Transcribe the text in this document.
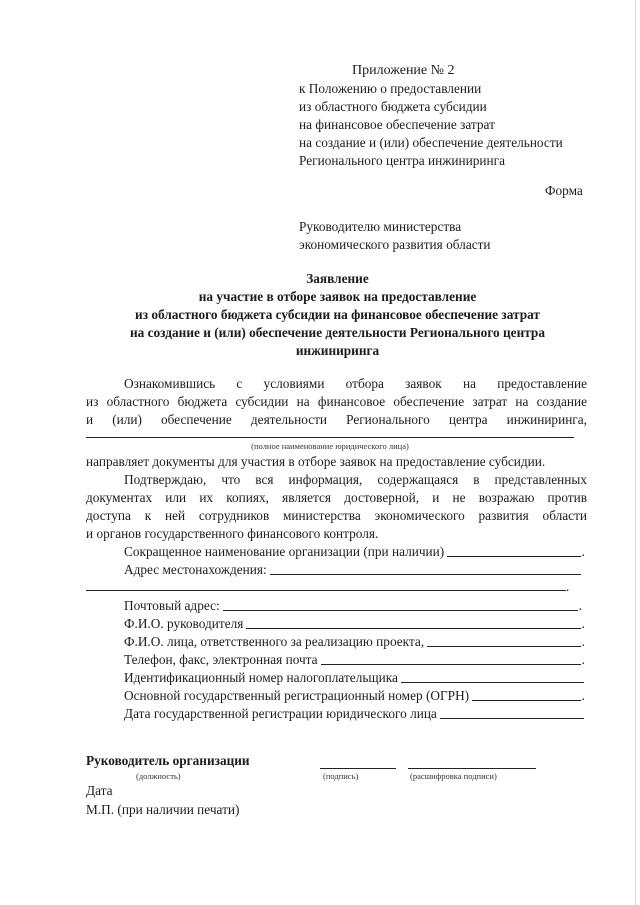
Приложение № 2
к Положению о предоставлении
из областного бюджета субсидии
на финансовое обеспечение затрат
на создание и (или) обеспечение деятельности
Регионального центра инжиниринга
Форма
Руководителю министерства
экономического развития области
Заявление
на участие в отборе заявок на предоставление
из областного бюджета субсидии на финансовое обеспечение затрат
на создание и (или) обеспечение деятельности Регионального центра
инжиниринга
Ознакомившись с условиями отбора заявок на предоставление
из областного бюджета субсидии на финансовое обеспечение затрат на создание
и (или) обеспечение деятельности Регионального центра инжиниринга,
(полное наименование юридического лица)
направляет документы для участия в отборе заявок на предоставление субсидии.
Подтверждаю, что вся информация, содержащаяся в представленных
документах или их копиях, является достоверной, и не возражаю против
доступа к ней сотрудников министерства экономического развития области
и органов государственного финансового контроля.
Сокращенное наименование организации (при наличии)	.
Адрес местонахождения:
.
Почтовый адрес:	.
Ф.И.О. руководителя	.
Ф.И.О. лица, ответственного за реализацию проекта,	.
Телефон, факс, электронная почта	.
Идентификационный номер налогоплательщика
Основной государственный регистрационный номер (ОГРН)	.
Дата государственной регистрации юридического лица
Руководитель организации
(должность)	(подпись)	(расшифровка подписи)
Дата
М.П. (при наличии печати)
